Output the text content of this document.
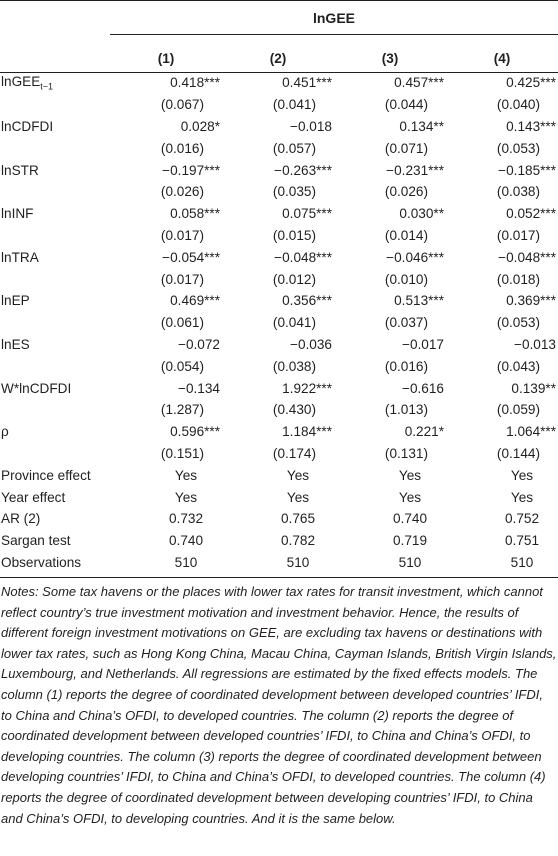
lnGEE
	(1)	(2)	(3)	(4)
lnGEE$_{t-1}$	0.418***	0.451***	0.457***	0.425***
	(0.067)	(0.041)	(0.044)	(0.040)
lnCDFDI	0.028*	−0.018	0.134**	0.143***
	(0.016)	(0.057)	(0.071)	(0.053)
lnSTR	−0.197***	−0.263***	−0.231***	−0.185***
	(0.026)	(0.035)	(0.026)	(0.038)
lnINF	0.058***	0.075***	0.030**	0.052***
	(0.017)	(0.015)	(0.014)	(0.017)
lnTRA	−0.054***	−0.048***	−0.046***	−0.048***
	(0.017)	(0.012)	(0.010)	(0.018)
lnEP	0.469***	0.356***	0.513***	0.369***
	(0.061)	(0.041)	(0.037)	(0.053)
lnES	−0.072	−0.036	−0.017	−0.013
	(0.054)	(0.038)	(0.016)	(0.043)
W*lnCDFDI	−0.134	1.922***	−0.616	0.139**
	(1.287)	(0.430)	(1.013)	(0.059)
ρ	0.596***	1.184***	0.221*	1.064***
	(0.151)	(0.174)	(0.131)	(0.144)
Province effect	Yes	Yes	Yes	Yes
Year effect	Yes	Yes	Yes	Yes
AR (2)	0.732	0.765	0.740	0.752
Sargan test	0.740	0.782	0.719	0.751
Observations	510	510	510	510
Notes: Some tax havens or the places with lower tax rates for transit investment, which cannot reflect country’s true investment motivation and investment behavior. Hence, the results of different foreign investment motivations on GEE, are excluding tax havens or destinations with lower tax rates, such as Hong Kong China, Macau China, Cayman Islands, British Virgin Islands, Luxembourg, and Netherlands. All regressions are estimated by the fixed effects models. The column (1) reports the degree of coordinated development between developed countries’ IFDI, to China and China’s OFDI, to developed countries. The column (2) reports the degree of coordinated development between developed countries’ IFDI, to China and China’s OFDI, to developing countries. The column (3) reports the degree of coordinated development between developing countries’ IFDI, to China and China’s OFDI, to developed countries. The column (4) reports the degree of coordinated development between developing countries’ IFDI, to China and China’s OFDI, to developing countries. And it is the same below.
